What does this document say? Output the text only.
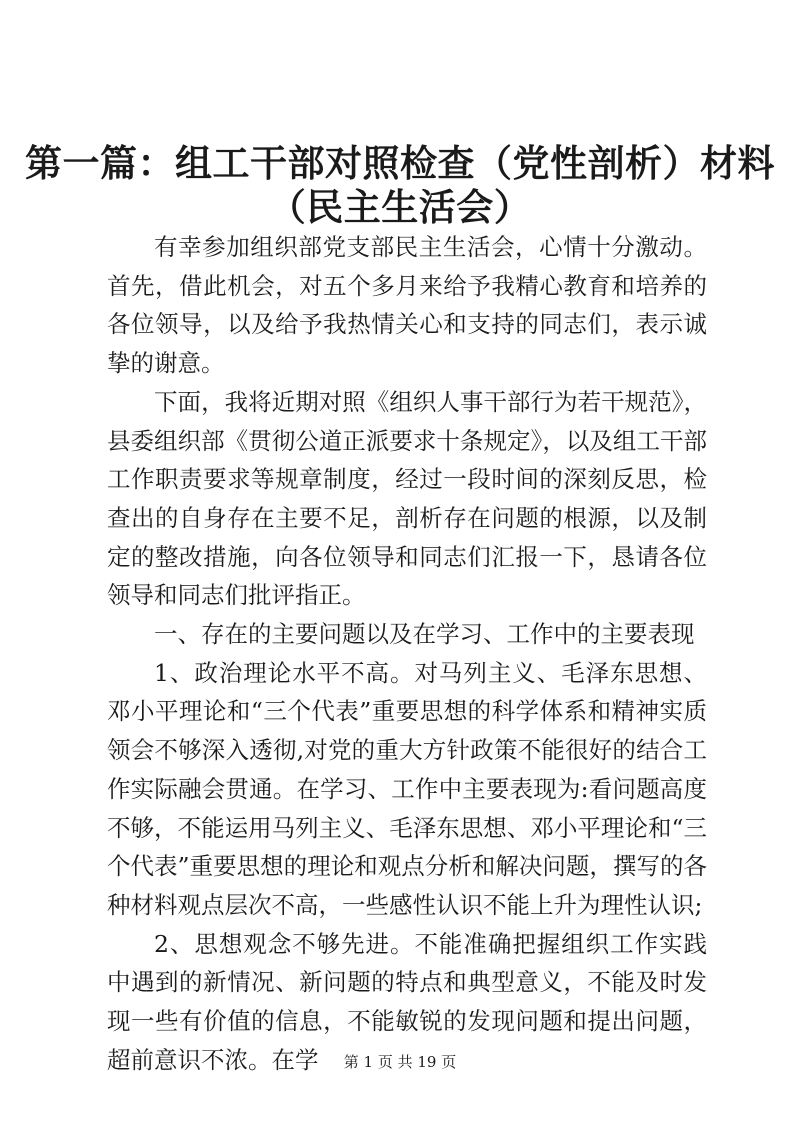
第一篇：组工干部对照检查（党性剖析）材料
（民主生活会）

有幸参加组织部党支部民主生活会，心情十分激动。首先，借此机会，对五个多月来给予我精心教育和培养的各位领导，以及给予我热情关心和支持的同志们，表示诚挚的谢意。

下面，我将近期对照《组织人事干部行为若干规范》，县委组织部《贯彻公道正派要求十条规定》，以及组工干部工作职责要求等规章制度，经过一段时间的深刻反思，检查出的自身存在主要不足，剖析存在问题的根源，以及制定的整改措施，向各位领导和同志们汇报一下，恳请各位领导和同志们批评指正。

一、存在的主要问题以及在学习、工作中的主要表现

1、政治理论水平不高。对马列主义、毛泽东思想、邓小平理论和“三个代表”重要思想的科学体系和精神实质领会不够深入透彻,对党的重大方针政策不能很好的结合工作实际融会贯通。在学习、工作中主要表现为:看问题高度不够，不能运用马列主义、毛泽东思想、邓小平理论和“三个代表”重要思想的理论和观点分析和解决问题，撰写的各种材料观点层次不高，一些感性认识不能上升为理性认识;

2、思想观念不够先进。不能准确把握组织工作实践中遇到的新情况、新问题的特点和典型意义，不能及时发现一些有价值的信息，不能敏锐的发现问题和提出问题，超前意识不浓。在学	第 1 页 共 19 页
